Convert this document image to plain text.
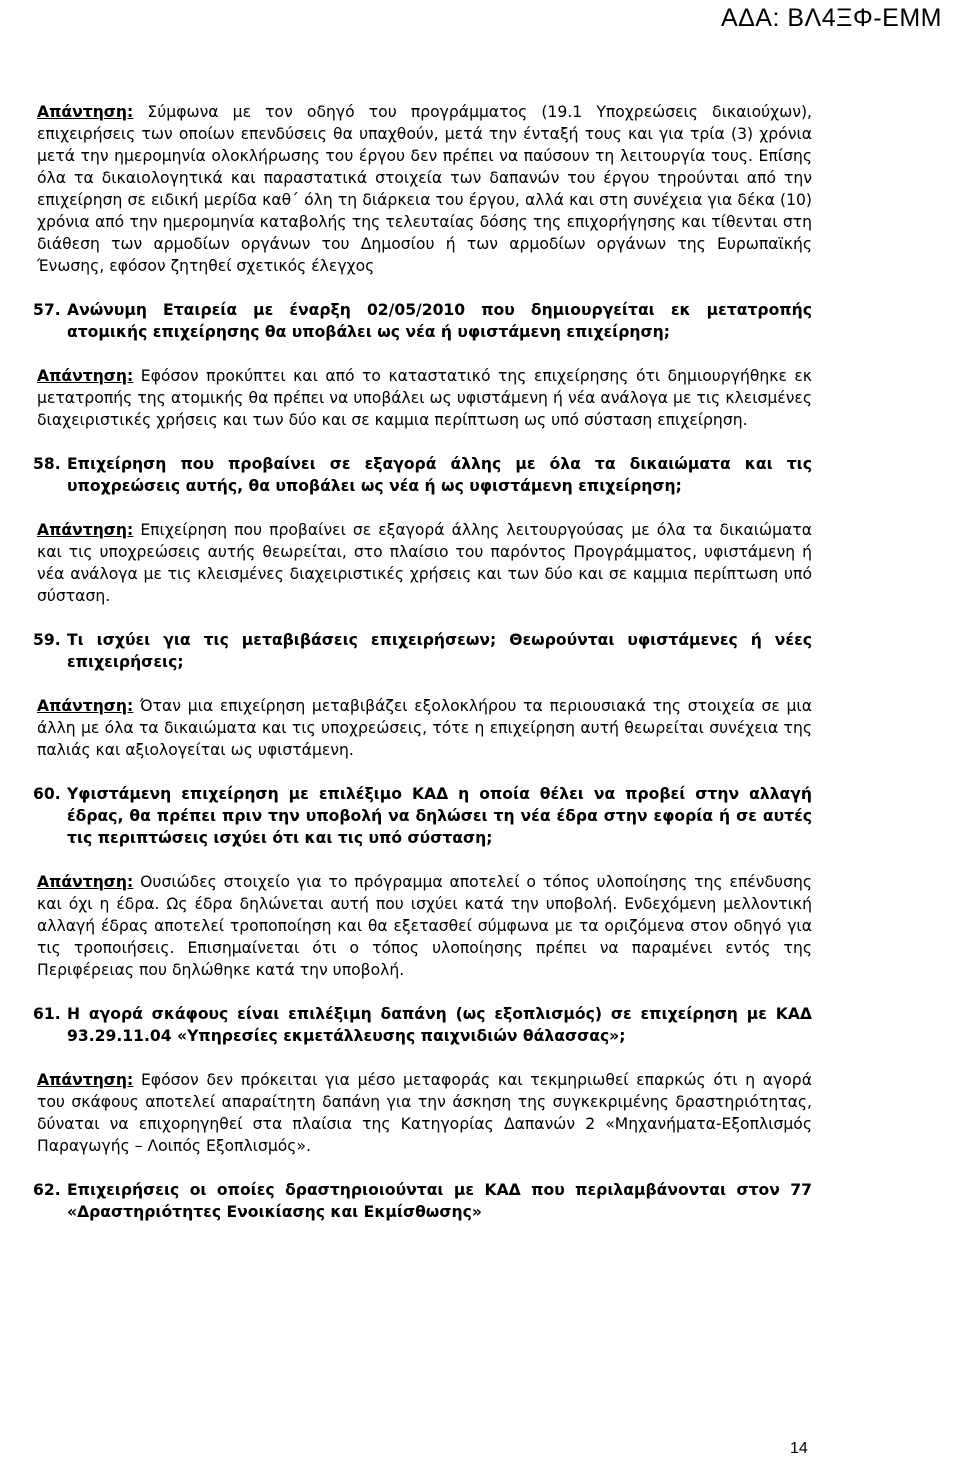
ΑΔΑ: ΒΛ4ΞΦ-ΕΜΜ

Απάντηση: Σύμφωνα με τον οδηγό του προγράμματος (19.1 Υποχρεώσεις δικαιούχων), επιχειρήσεις των οποίων επενδύσεις θα υπαχθούν, μετά την ένταξή τους και για τρία (3) χρόνια μετά την ημερομηνία ολοκλήρωσης του έργου δεν πρέπει να παύσουν τη λειτουργία τους. Επίσης όλα τα δικαιολογητικά και παραστατικά στοιχεία των δαπανών του έργου τηρούνται από την επιχείρηση σε ειδική μερίδα καθ΄ όλη τη διάρκεια του έργου, αλλά και στη συνέχεια για δέκα (10) χρόνια από την ημερομηνία καταβολής της τελευταίας δόσης της επιχορήγησης και τίθενται στη διάθεση των αρμοδίων οργάνων του Δημοσίου ή των αρμοδίων οργάνων της Ευρωπαϊκής Ένωσης, εφόσον ζητηθεί σχετικός έλεγχος

57. Ανώνυμη Εταιρεία με έναρξη 02/05/2010 που δημιουργείται εκ μετατροπής ατομικής επιχείρησης θα υποβάλει ως νέα ή υφιστάμενη επιχείρηση;

Απάντηση: Εφόσον προκύπτει και από το καταστατικό της επιχείρησης ότι δημιουργήθηκε εκ μετατροπής της ατομικής θα πρέπει να υποβάλει ως υφιστάμενη ή νέα ανάλογα με τις κλεισμένες διαχειριστικές χρήσεις και των δύο και σε καμμια περίπτωση ως υπό σύσταση επιχείρηση.

58. Επιχείρηση που προβαίνει σε εξαγορά άλλης με όλα τα δικαιώματα και τις υποχρεώσεις αυτής, θα υποβάλει ως νέα ή ως υφιστάμενη επιχείρηση;

Απάντηση: Επιχείρηση που προβαίνει σε εξαγορά άλλης λειτουργούσας με όλα τα δικαιώματα και τις υποχρεώσεις αυτής θεωρείται, στο πλαίσιο του παρόντος Προγράμματος, υφιστάμενη ή νέα ανάλογα με τις κλεισμένες διαχειριστικές χρήσεις και των δύο και σε καμμια περίπτωση υπό σύσταση.

59. Τι ισχύει για τις μεταβιβάσεις επιχειρήσεων; Θεωρούνται υφιστάμενες ή νέες επιχειρήσεις;

Απάντηση: Όταν μια επιχείρηση μεταβιβάζει εξολοκλήρου τα περιουσιακά της στοιχεία σε μια άλλη με όλα τα δικαιώματα και τις υποχρεώσεις, τότε η επιχείρηση αυτή θεωρείται συνέχεια της παλιάς και αξιολογείται ως υφιστάμενη.

60. Υφιστάμενη επιχείρηση με επιλέξιμο ΚΑΔ η οποία θέλει να προβεί στην αλλαγή έδρας, θα πρέπει πριν την υποβολή να δηλώσει τη νέα έδρα στην εφορία ή σε αυτές τις περιπτώσεις ισχύει ότι και τις υπό σύσταση;

Απάντηση: Ουσιώδες στοιχείο για το πρόγραμμα αποτελεί ο τόπος υλοποίησης της επένδυσης και όχι η έδρα. Ως έδρα δηλώνεται αυτή που ισχύει κατά την υποβολή. Ενδεχόμενη μελλοντική αλλαγή έδρας αποτελεί τροποποίηση και θα εξετασθεί σύμφωνα με τα οριζόμενα στον οδηγό για τις τροποιήσεις. Επισημαίνεται ότι ο τόπος υλοποίησης πρέπει να παραμένει εντός της Περιφέρειας που δηλώθηκε κατά την υποβολή.

61. Η αγορά σκάφους είναι επιλέξιμη δαπάνη (ως εξοπλισμός) σε επιχείρηση με ΚΑΔ 93.29.11.04 «Υπηρεσίες εκμετάλλευσης παιχνιδιών θάλασσας»;

Απάντηση: Εφόσον δεν πρόκειται για μέσο μεταφοράς και τεκμηριωθεί επαρκώς ότι η αγορά του σκάφους αποτελεί απαραίτητη δαπάνη για την άσκηση της συγκεκριμένης δραστηριότητας, δύναται να επιχορηγηθεί στα πλαίσια της Κατηγορίας Δαπανών 2 «Μηχανήματα-Εξοπλισμός Παραγωγής – Λοιπός Εξοπλισμός».

62. Επιχειρήσεις οι οποίες δραστηριοιούνται με ΚΑΔ που περιλαμβάνονται στον 77 «Δραστηριότητες Ενοικίασης και Εκμίσθωσης»
14
